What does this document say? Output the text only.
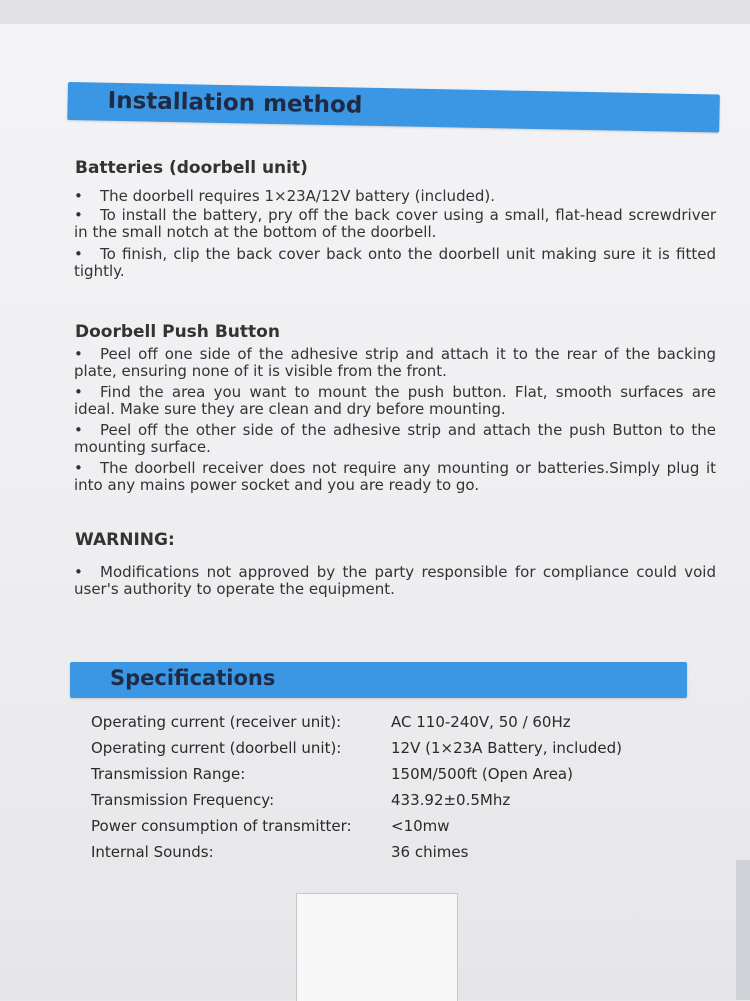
Installation method
Batteries (doorbell unit)

• The doorbell requires 1×23A/12V battery (included).

• To install the battery, pry off the back cover using a small, flat-head screwdriver in the small notch at the bottom of the doorbell.

• To finish, clip the back cover back onto the doorbell unit making sure it is fitted tightly.

Doorbell Push Button

• Peel off one side of the adhesive strip and attach it to the rear of the backing plate, ensuring none of it is visible from the front.

• Find the area you want to mount the push button. Flat, smooth surfaces are ideal. Make sure they are clean and dry before mounting.

• Peel off the other side of the adhesive strip and attach the push Button to the mounting surface.

• The doorbell receiver does not require any mounting or batteries.Simply plug it into any mains power socket and you are ready to go.

WARNING:

• Modifications not approved by the party responsible for compliance could void user's authority to operate the equipment.

Specifications
Operating current (receiver unit):	AC 110-240V, 50 / 60Hz
Operating current (doorbell unit):	12V (1×23A Battery, included)
Transmission Range:	150M/500ft (Open Area)
Transmission Frequency:	433.92±0.5Mhz
Power consumption of transmitter:	<10mw
Internal Sounds:	36 chimes
